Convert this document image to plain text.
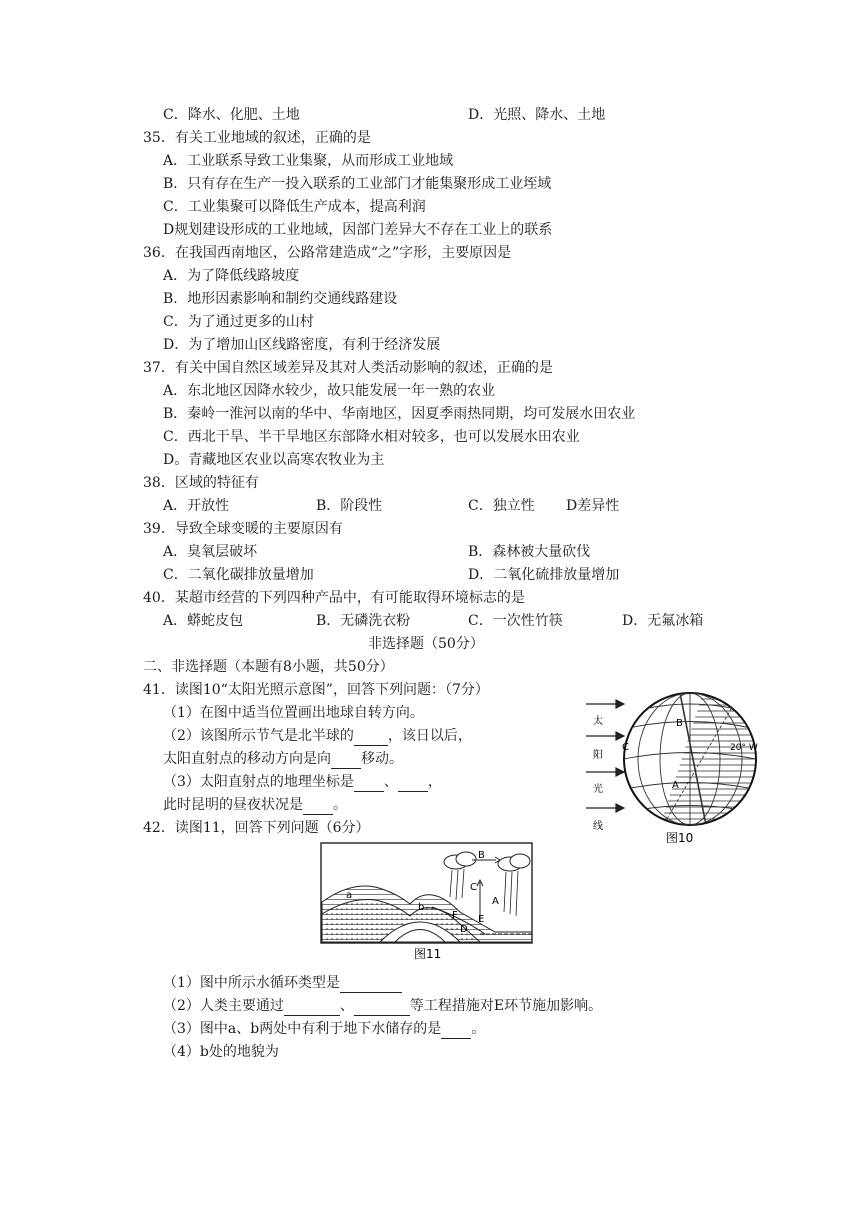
C．降水、化肥、土地	D．光照、降水、土地
35．有关工业地域的叙述，正确的是
A．工业联系导致工业集聚，从而形成工业地域
B．只有存在生产一投入联系的工业部门才能集聚形成工业垤域
C．工业集聚可以降低生产成本，提高利润
D规划建设形成的工业地域，因部门差异大不存在工业上的联系
36．在我国西南地区，公路常建造成“之”字形，主要原因是
A．为了降低线路坡度
B．地形因素影响和制约交通线路建设
C．为了通过更多的山村
D．为了增加山区线路密度，有利于经济发展
37．有关中国自然区域差异及其对人类活动影响的叙述，正确的是
A．东北地区因降水较少，故只能发展一年一熟的农业
B．秦岭一淮河以南的华中、华南地区，因夏季雨热同期，均可发展水田农业
C．西北干旱、半干旱地区东部降水相对较多，也可以发展水田农业
D。青藏地区农业以高寒农牧业为主
38．区域的特征有
A．开放性	B．阶段性	C．独立性 D差异性
39．导致全球变暖的主要原因有
A．臭氧层破坏	B．森林被大量砍伐
C．二氧化碳排放量增加	D．二氧化硫排放量增加
40．某超市经营的下列四种产品中，有可能取得环境标志的是
A．蟒蛇皮包	B．无磷洗衣粉	C．一次性竹筷	D．无氟冰箱
非选择题（50分）
二、非选择题（本题有8小题，共50分）
41．读图10“太阳光照示意图”，回答下列问题：（7分）
（1）在图中适当位置画出地球自转方向。
（2）该图所示节气是北半球的 ，该日以后，
太阳直射点的移动方向是向 移动。
（3）太阳直射点的地理坐标是 、 ，
此时昆明的昼夜状况是 。
太
阳
光
线
C
B
A
20° W
图10
42．读图11，回答下列问题（6分）
a
b
B
C
A
E
F
D
图11
（1）图中所示水循环类型是
（2）人类主要通过	、	等工程措施对E环节施加影响。
（3）图中a、b两处中有利于地下水储存的是 。
（4）b处的地貌为
